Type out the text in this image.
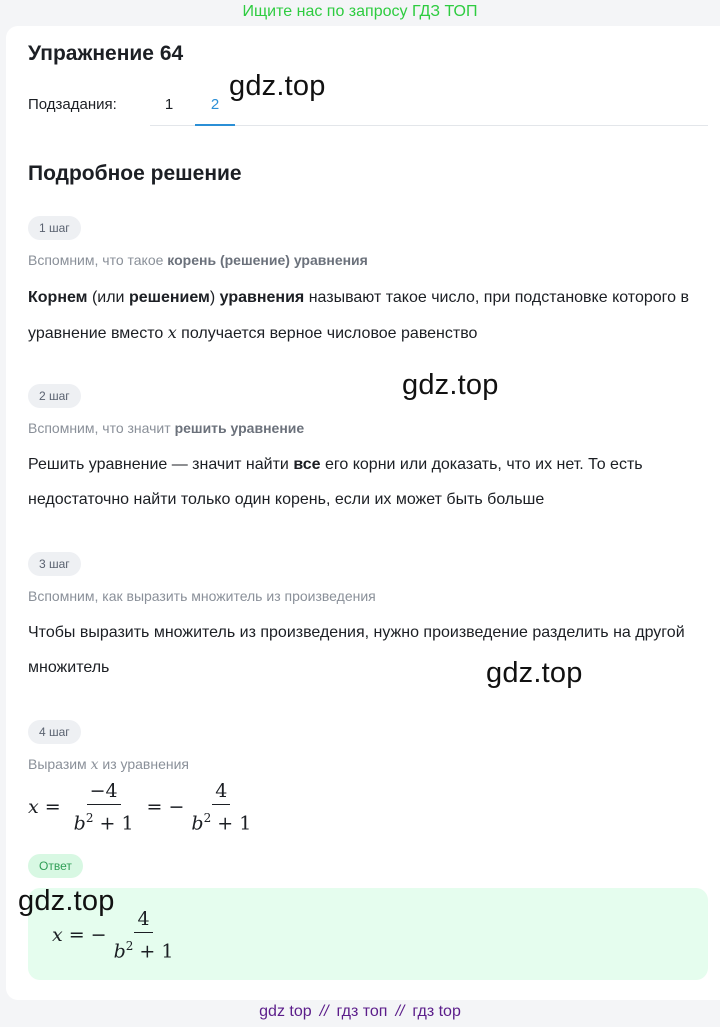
Ищите нас по запросу ГДЗ ТОП
Упражнение 64
Подзадания:	1	2
gdz.top
Подробное решение
1 шаг
Вспомним, что такое корень (решение) уравнения
Корнем (или решением) уравнения называют такое число, при подстановке которого в уравнение вместо x получается верное числовое равенство
gdz.top
2 шаг
Вспомним, что значит решить уравнение
Решить уравнение — значит найти все его корни или доказать, что их нет. То есть недостаточно найти только один корень, если их может быть больше
3 шаг
Вспомним, как выразить множитель из произведения
Чтобы выразить множитель из произведения, нужно произведение разделить на другой множитель	gdz.top
4 шаг
Выразим x из уравнения
$x = \frac{-4}{b^2 + 1}$ = − $\frac{4}{b^2 + 1}$
Ответ
x = − $\frac{4}{b^2 + 1}$
gdz.top
gdz top // гдз топ // гдз top
